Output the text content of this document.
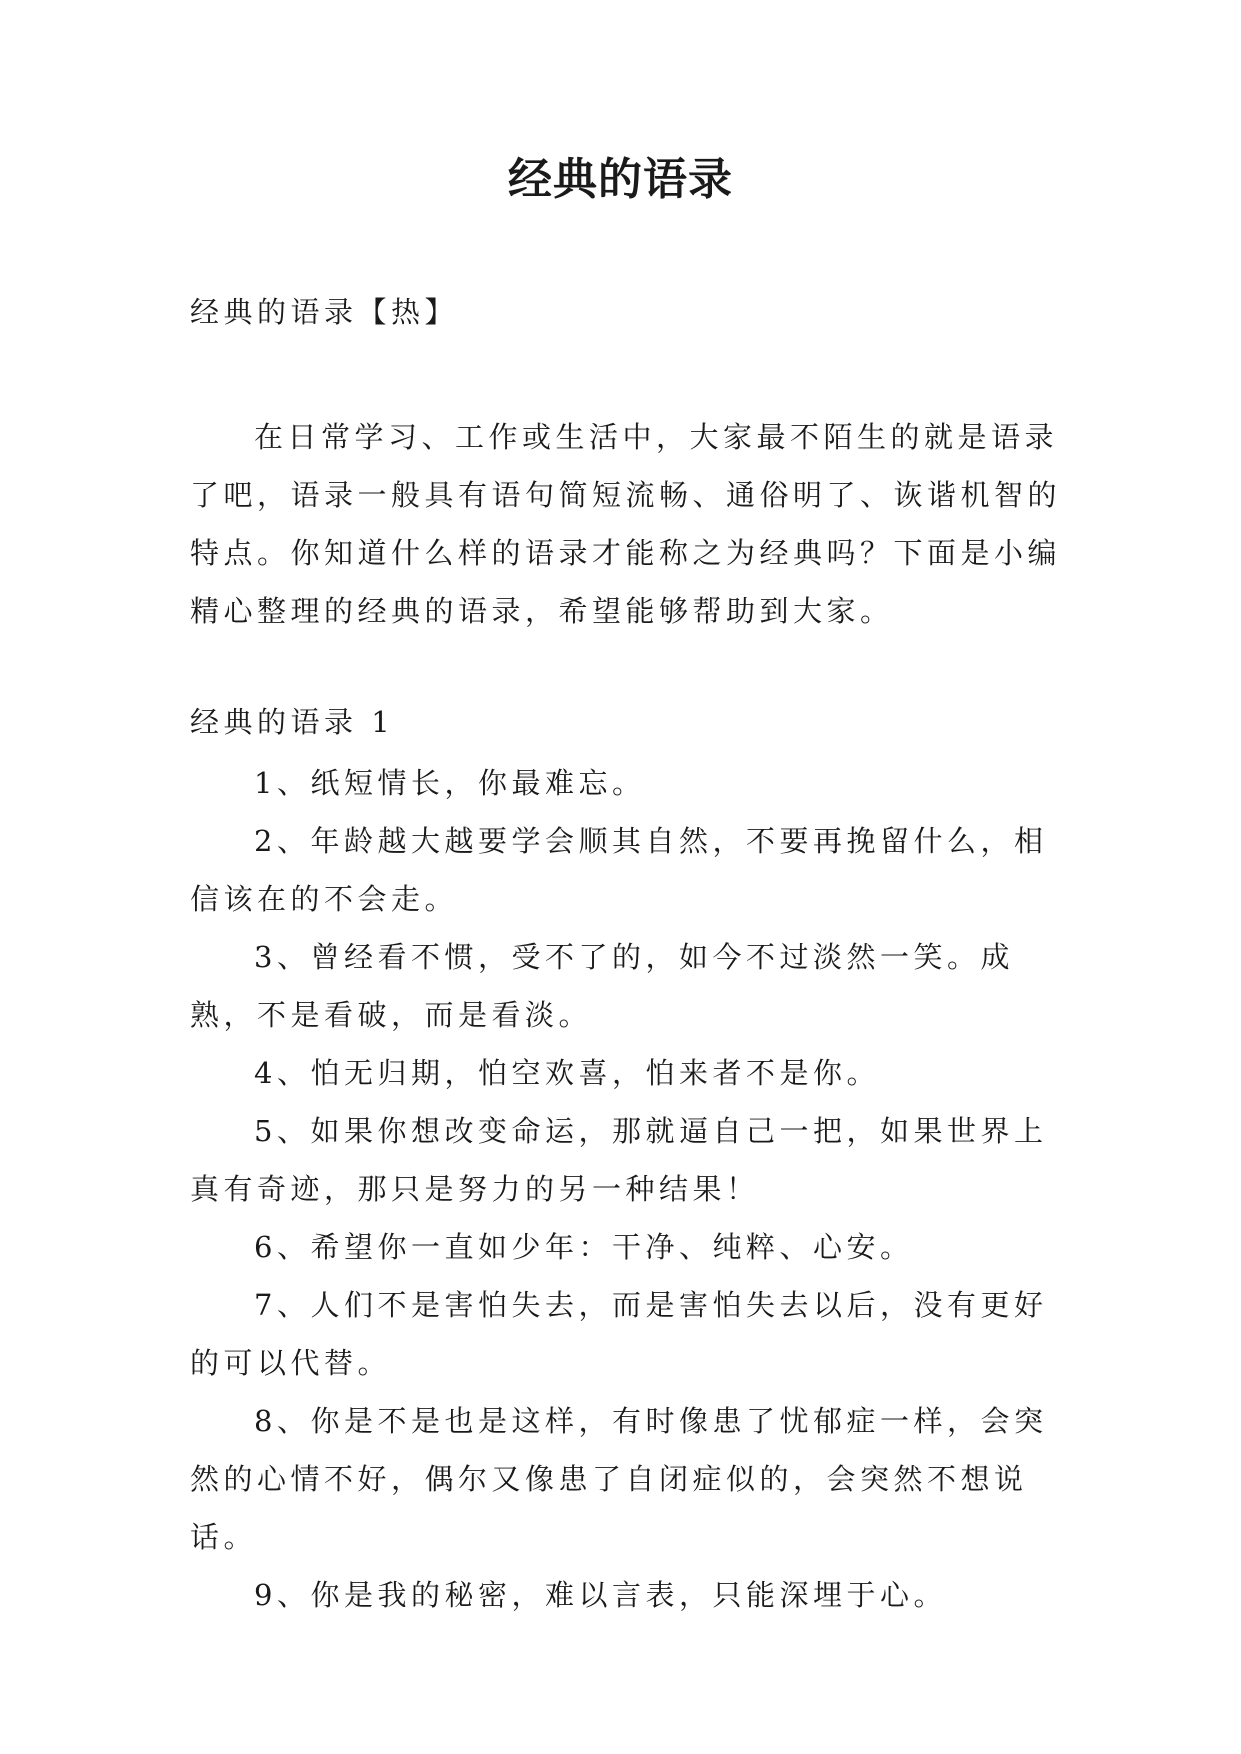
经典的语录
经典的语录【热】

在日常学习、工作或生活中，大家最不陌生的就是语录了吧，语录一般具有语句简短流畅、通俗明了、诙谐机智的特点。你知道什么样的语录才能称之为经典吗？下面是小编精心整理的经典的语录，希望能够帮助到大家。

经典的语录 1
1、纸短情长，你最难忘。
2、年龄越大越要学会顺其自然，不要再挽留什么，相信该在的不会走。
3、曾经看不惯，受不了的，如今不过淡然一笑。成熟，不是看破，而是看淡。
4、怕无归期，怕空欢喜，怕来者不是你。
5、如果你想改变命运，那就逼自己一把，如果世界上真有奇迹，那只是努力的另一种结果！
6、希望你一直如少年：干净、纯粹、心安。
7、人们不是害怕失去，而是害怕失去以后，没有更好的可以代替。
8、你是不是也是这样，有时像患了忧郁症一样，会突然的心情不好，偶尔又像患了自闭症似的，会突然不想说话。
9、你是我的秘密，难以言表，只能深埋于心。
